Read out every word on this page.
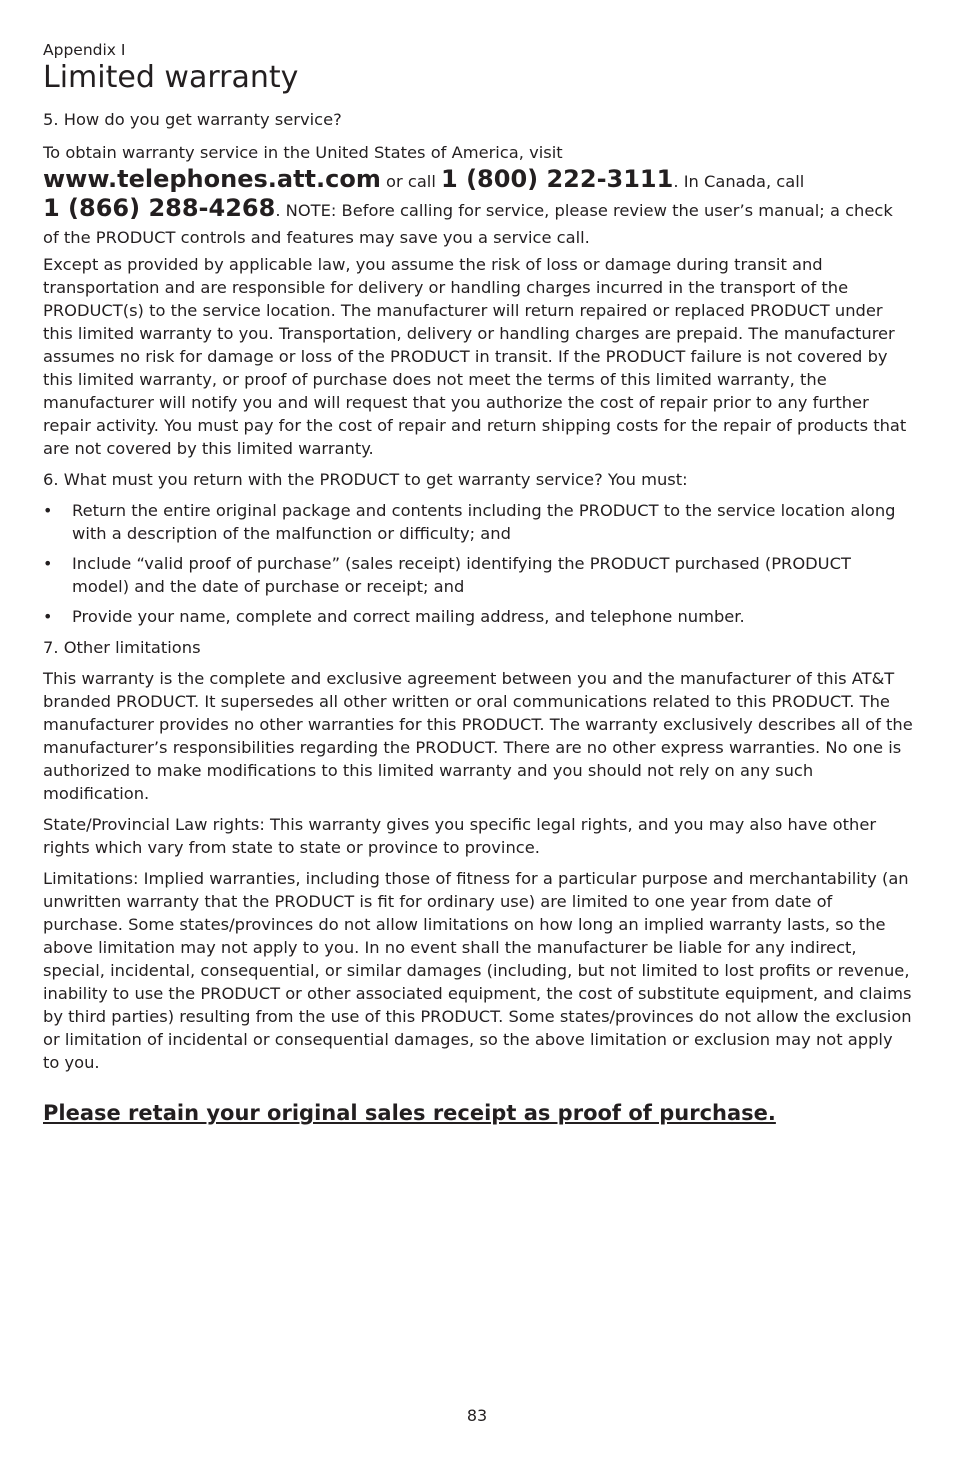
Appendix I
Limited warranty

5. How do you get warranty service?

To obtain warranty service in the United States of America, visit
www.telephones.att.com or call 1 (800) 222-3111. In Canada, call
1 (866) 288-4268. NOTE: Before calling for service, please review the user’s manual; a check of the PRODUCT controls and features may save you a service call.

Except as provided by applicable law, you assume the risk of loss or damage during transit and transportation and are responsible for delivery or handling charges incurred in the transport of the PRODUCT(s) to the service location. The manufacturer will return repaired or replaced PRODUCT under this limited warranty to you. Transportation, delivery or handling charges are prepaid. The manufacturer assumes no risk for damage or loss of the PRODUCT in transit. If the PRODUCT failure is not covered by this limited warranty, or proof of purchase does not meet the terms of this limited warranty, the manufacturer will notify you and will request that you authorize the cost of repair prior to any further repair activity. You must pay for the cost of repair and return shipping costs for the repair of products that are not covered by this limited warranty.

6. What must you return with the PRODUCT to get warranty service? You must:

• Return the entire original package and contents including the PRODUCT to the service location along with a description of the malfunction or difficulty; and
• Include “valid proof of purchase” (sales receipt) identifying the PRODUCT purchased (PRODUCT model) and the date of purchase or receipt; and
• Provide your name, complete and correct mailing address, and telephone number.

7. Other limitations

This warranty is the complete and exclusive agreement between you and the manufacturer of this AT&T branded PRODUCT. It supersedes all other written or oral communications related to this PRODUCT. The manufacturer provides no other warranties for this PRODUCT. The warranty exclusively describes all of the manufacturer’s responsibilities regarding the PRODUCT. There are no other express warranties. No one is authorized to make modifications to this limited warranty and you should not rely on any such modification.

State/Provincial Law rights: This warranty gives you specific legal rights, and you may also have other rights which vary from state to state or province to province.

Limitations: Implied warranties, including those of fitness for a particular purpose and merchantability (an unwritten warranty that the PRODUCT is fit for ordinary use) are limited to one year from date of purchase. Some states/provinces do not allow limitations on how long an implied warranty lasts, so the above limitation may not apply to you. In no event shall the manufacturer be liable for any indirect, special, incidental, consequential, or similar damages (including, but not limited to lost profits or revenue, inability to use the PRODUCT or other associated equipment, the cost of substitute equipment, and claims by third parties) resulting from the use of this PRODUCT. Some states/provinces do not allow the exclusion or limitation of incidental or consequential damages, so the above limitation or exclusion may not apply to you.

Please retain your original sales receipt as proof of purchase.
83
